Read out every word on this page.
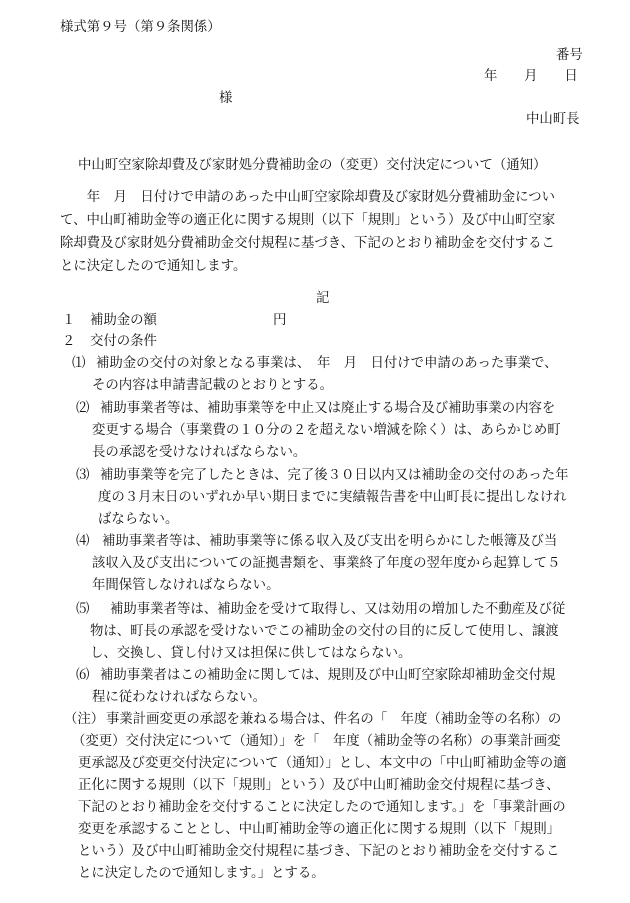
様式第９号（第９条関係）
番号
年　　月　　日
様
中山町長
中山町空家除却費及び家財処分費補助金の（変更）交付決定について（通知）
　　年　月　日付けで申請のあった中山町空家除却費及び家財処分費補助金につい
て、中山町補助金等の適正化に関する規則（以下「規則」という）及び中山町空家
除却費及び家財処分費補助金交付規程に基づき、下記のとおり補助金を交付するこ
とに決定したので通知します。
記
１ 補助金の額	円
２ 交付の条件
⑴ 補助金の交付の対象となる事業は、　年　月　日付けで申請のあった事業で、
その内容は申請書記載のとおりとする。
⑵ 補助事業者等は、補助事業等を中止又は廃止する場合及び補助事業の内容を
変更する場合（事業費の１０分の２を超えない増減を除く）は、あらかじめ町
長の承認を受けなければならない。
⑶ 補助事業等を完了したときは、完了後３０日以内又は補助金の交付のあった年
度の３月末日のいずれか早い期日までに実績報告書を中山町長に提出しなけれ
ばならない。
⑷ 補助事業者等は、補助事業等に係る収入及び支出を明らかにした帳簿及び当
該収入及び支出についての証拠書類を、事業終了年度の翌年度から起算して５
年間保管しなければならない。
⑸ 補助事業者等は、補助金を受けて取得し、又は効用の増加した不動産及び従
物は、町長の承認を受けないでこの補助金の交付の目的に反して使用し、譲渡
し、交換し、貸し付け又は担保に供してはならない。
⑹ 補助事業者はこの補助金に関しては、規則及び中山町空家除却補助金交付規
程に従わなければならない。
（注） 事業計画変更の承認を兼ねる場合は、件名の「　年度（補助金等の名称）の
（変更）交付決定について（通知）」を「　年度（補助金等の名称）の事業計画変
更承認及び変更交付決定について（通知）」とし、本文中の「中山町補助金等の適
正化に関する規則（以下「規則」という）及び中山町補助金交付規程に基づき、
下記のとおり補助金を交付することに決定したので通知します。」を「事業計画の
変更を承認することとし、中山町補助金等の適正化に関する規則（以下「規則」
という）及び中山町補助金交付規程に基づき、下記のとおり補助金を交付するこ
とに決定したので通知します。」とする。
